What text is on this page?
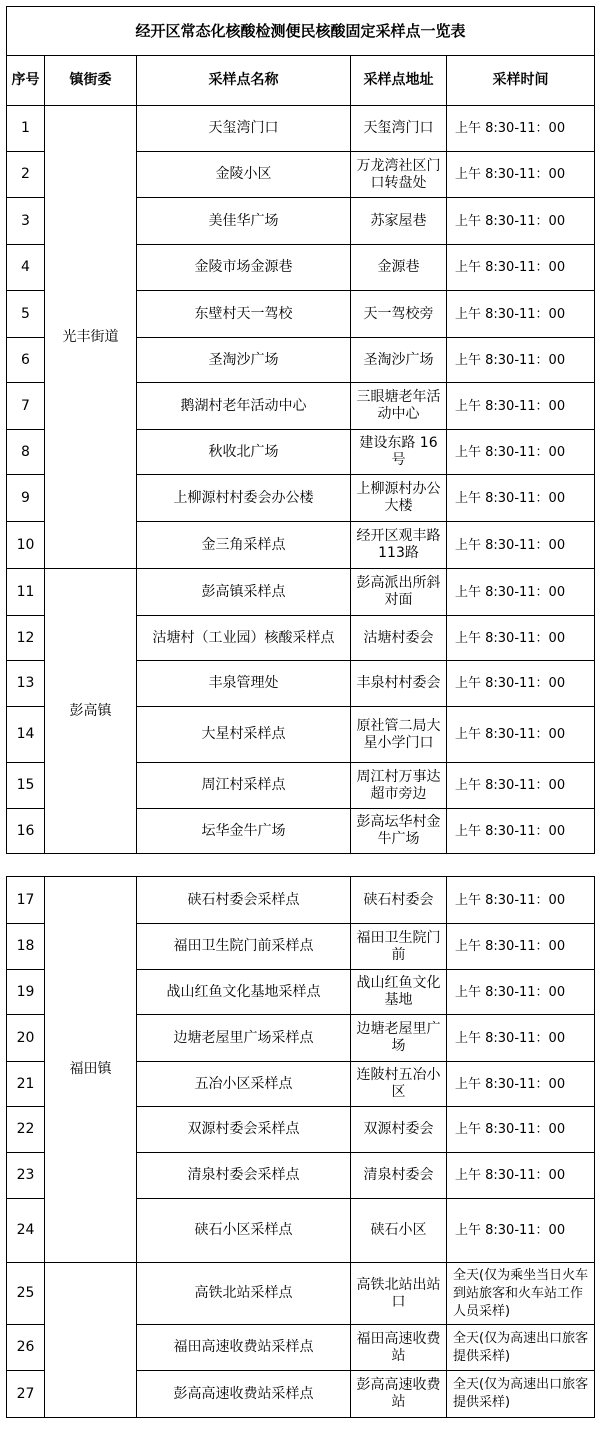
经开区常态化核酸检测便民核酸固定采样点一览表				
序号	镇街委	采样点名称	采样点地址	采样时间
1	光丰街道	天玺湾门口	天玺湾门口	上午 8:30-11：00
2		金陵小区	万龙湾社区门口转盘处	上午 8:30-11：00
3		美佳华广场	苏家屋巷	上午 8:30-11：00
4		金陵市场金源巷	金源巷	上午 8:30-11：00
5		东壁村天一驾校	天一驾校旁	上午 8:30-11：00
6		圣淘沙广场	圣淘沙广场	上午 8:30-11：00
7		鹅湖村老年活动中心	三眼塘老年活动中心	上午 8:30-11：00
8		秋收北广场	建设东路 16 号	上午 8:30-11：00
9		上柳源村村委会办公楼	上柳源村办公大楼	上午 8:30-11：00
10		金三角采样点	经开区观丰路 113路	上午 8:30-11：00
11	彭高镇	彭高镇采样点	彭高派出所斜对面	上午 8:30-11：00
12		沽塘村（工业园）核酸采样点	沽塘村委会	上午 8:30-11：00
13		丰泉管理处	丰泉村村委会	上午 8:30-11：00
14		大星村采样点	原社管二局大星小学门口	上午 8:30-11：00
15		周江村采样点	周江村万事达超市旁边	上午 8:30-11：00
16		坛华金牛广场	彭高坛华村金牛广场	上午 8:30-11：00
17	福田镇	硖石村委会采样点	硖石村委会	上午 8:30-11：00
18		福田卫生院门前采样点	福田卫生院门前	上午 8:30-11：00
19		战山红鱼文化基地采样点	战山红鱼文化基地	上午 8:30-11：00
20		边塘老屋里广场采样点	边塘老屋里广场	上午 8:30-11：00
21		五冶小区采样点	连陂村五冶小区	上午 8:30-11：00
22		双源村委会采样点	双源村委会	上午 8:30-11：00
23		清泉村委会采样点	清泉村委会	上午 8:30-11：00
24		硖石小区采样点	硖石小区	上午 8:30-11：00
25		高铁北站采样点	高铁北站出站口	全天(仅为乘坐当日火车到站旅客和火车站工作人员采样)
26		福田高速收费站采样点	福田高速收费站	全天(仅为高速出口旅客提供采样)
27		彭高高速收费站采样点	彭高高速收费站	全天(仅为高速出口旅客提供采样)
